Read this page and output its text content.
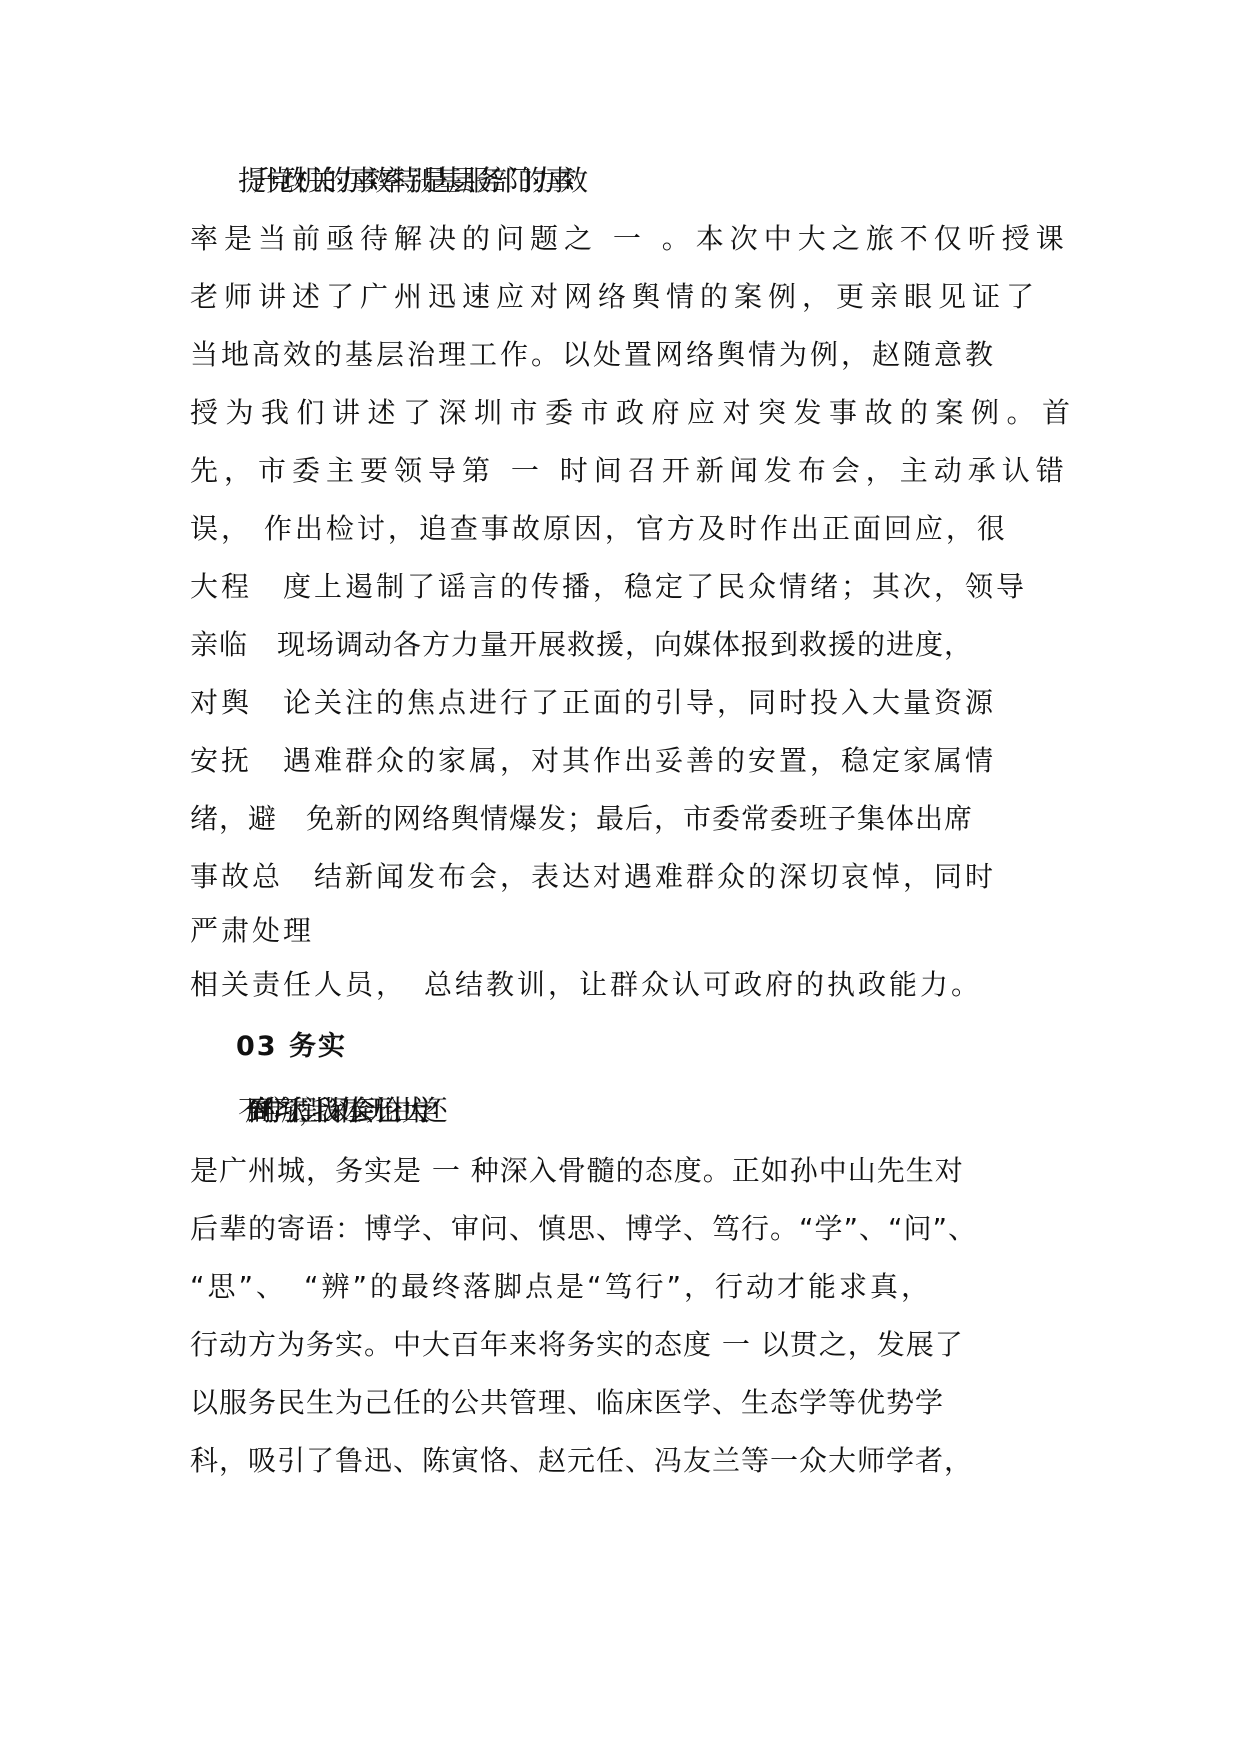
提升党政机关的办事效率特别是基层服务部门的办事效
率是当前亟待解决的问题之 一 。本次中大之旅不仅听授课
老师讲述了广州迅速应对网络舆情的案例，更亲眼见证了
当地高效的基层治理工作。以处置网络舆情为例，赵随意教
授为我们讲述了深圳市委市政府应对突发事故的案例。首
先，市委主要领导第 一 时间召开新闻发布会，主动承认错
误， 作出检讨，追查事故原因，官方及时作出正面回应，很
大程　度上遏制了谣言的传播，稳定了民众情绪；其次，领导
亲临　现场调动各方力量开展救援，向媒体报到救援的进度，
对舆　论关注的焦点进行了正面的引导，同时投入大量资源
安抚　遇难群众的家属，对其作出妥善的安置，稳定家属情
绪，避　免新的网络舆情爆发；最后，市委常委班子集体出席
事故总　结新闻发布会，表达对遇难群众的深切哀悼，同时
严肃处理
相关责任人员，　总结教训，让群众认可政府的执政能力。
03 务实
不到 一 周的学习旅程，　让我深切体会到无论中山大学还
是广州城，务实是 一 种深入骨髓的态度。正如孙中山先生对
后辈的寄语：博学、审问、慎思、博学、笃行。“学”、“问”、
“思”、　“辨”的最终落脚点是“笃行”，行动才能求真，
行动方为务实。中大百年来将务实的态度 一 以贯之，发展了
以服务民生为己任的公共管理、临床医学、生态学等优势学
科，吸引了鲁迅、陈寅恪、赵元任、冯友兰等一众大师学者，
